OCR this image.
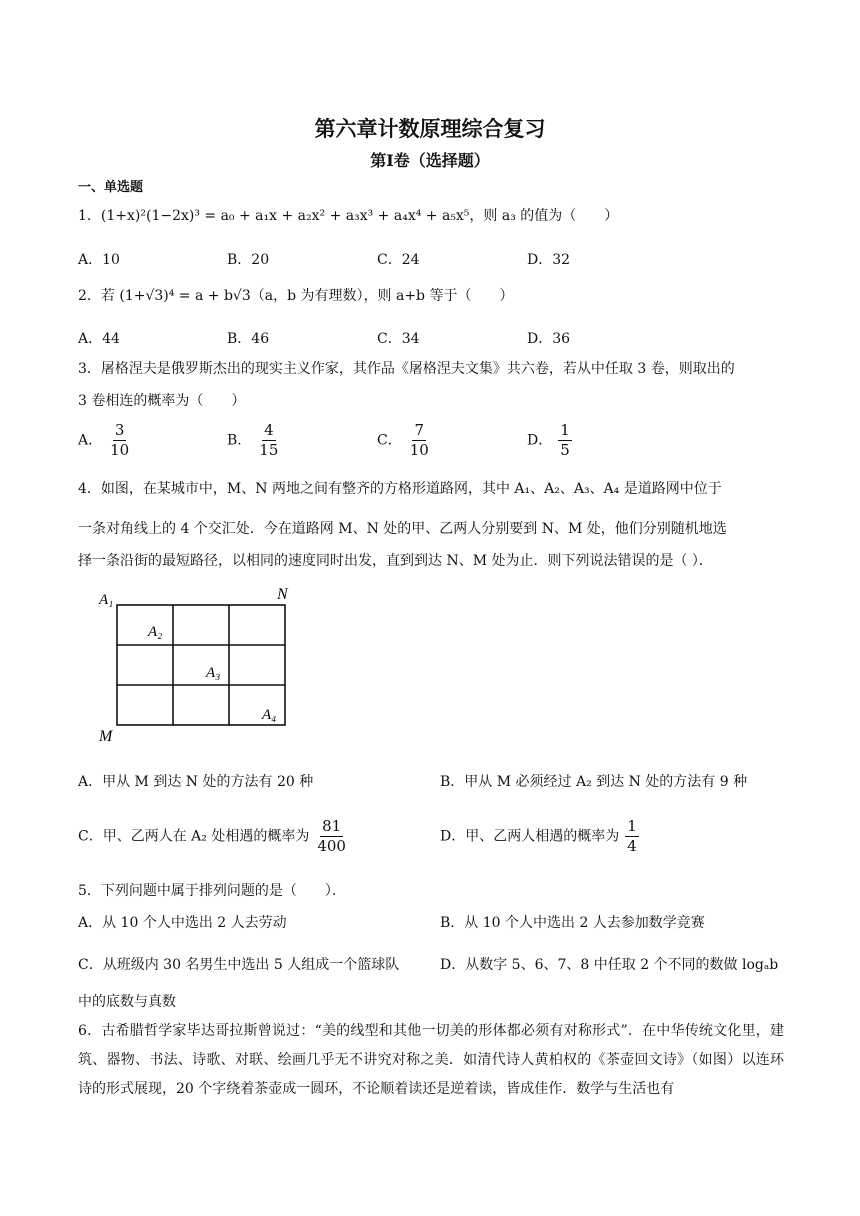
第六章计数原理综合复习
第Ⅰ卷（选择题）
一、单选题
1．(1+x)²(1−2x)³ = a₀ + a₁x + a₂x² + a₃x³ + a₄x⁴ + a₅x⁵，则 a₃ 的值为（　　）
A．10	B．20	C．24	D．32
2．若 (1+√3)⁴ = a + b√3（a，b 为有理数），则 a+b 等于（　　）
A．44	B．46	C．34	D．36
3．屠格涅夫是俄罗斯杰出的现实主义作家，其作品《屠格涅夫文集》共六卷，若从中任取 3 卷，则取出的
3 卷相连的概率为（　　）
A． $\frac{3}{10}$	B． $\frac{4}{15}$	C． $\frac{7}{10}$	D． $\frac{1}{5}$
4．如图，在某城市中，M、N 两地之间有整齐的方格形道路网，其中 A₁、A₂、A₃、A₄ 是道路网中位于
一条对角线上的 4 个交汇处．今在道路网 M、N 处的甲、乙两人分别要到 N、M 处，他们分别随机地选
择一条沿街的最短路径，以相同的速度同时出发，直到到达 N、M 处为止．则下列说法错误的是（ ）．
A₁
A₂
A₃
A₄
N
M
A．甲从 M 到达 N 处的方法有 20 种	B．甲从 M 必须经过 A₂ 到达 N 处的方法有 9 种
C．甲、乙两人在 A₂ 处相遇的概率为 $\frac{81}{400}$	D．甲、乙两人相遇的概率为 $\frac{1}{4}$
5．下列问题中属于排列问题的是（　　）．
A．从 10 个人中选出 2 人去劳动	B．从 10 个人中选出 2 人去参加数学竞赛
C．从班级内 30 名男生中选出 5 人组成一个篮球队	D．从数字 5、6、7、8 中任取 2 个不同的数做 logₐb
中的底数与真数
6．古希腊哲学家毕达哥拉斯曾说过：“美的线型和其他一切美的形体都必须有对称形式”．在中华传统文化里，建筑、器物、书法、诗歌、对联、绘画几乎无不讲究对称之美．如清代诗人黄柏权的《茶壶回文诗》（如图）以连环诗的形式展现，20 个字绕着茶壶成一圆环，不论顺着读还是逆着读，皆成佳作．数学与生活也有
